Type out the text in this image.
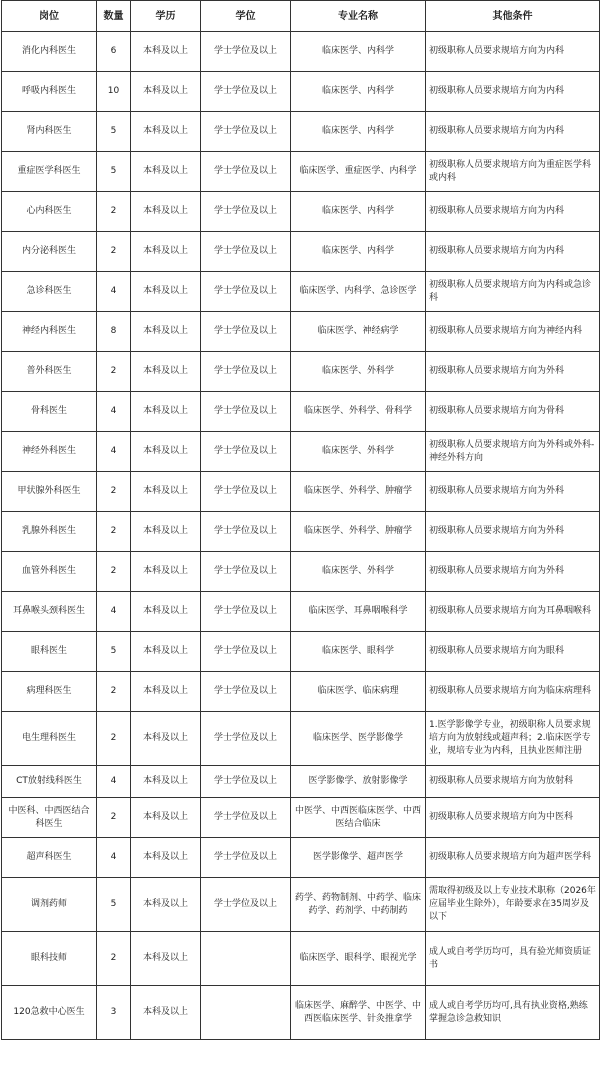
岗位	数量	学历	学位	专业名称	其他条件
消化内科医生	6	本科及以上	学士学位及以上	临床医学、内科学	初级职称人员要求规培方向为内科
呼吸内科医生	10	本科及以上	学士学位及以上	临床医学、内科学	初级职称人员要求规培方向为内科
肾内科医生	5	本科及以上	学士学位及以上	临床医学、内科学	初级职称人员要求规培方向为内科
重症医学科医生	5	本科及以上	学士学位及以上	临床医学、重症医学、内科学	初级职称人员要求规培方向为重症医学科或内科
心内科医生	2	本科及以上	学士学位及以上	临床医学、内科学	初级职称人员要求规培方向为内科
内分泌科医生	2	本科及以上	学士学位及以上	临床医学、内科学	初级职称人员要求规培方向为内科
急诊科医生	4	本科及以上	学士学位及以上	临床医学、内科学、急诊医学	初级职称人员要求规培方向为内科或急诊科
神经内科医生	8	本科及以上	学士学位及以上	临床医学、神经病学	初级职称人员要求规培方向为神经内科
普外科医生	2	本科及以上	学士学位及以上	临床医学、外科学	初级职称人员要求规培方向为外科
骨科医生	4	本科及以上	学士学位及以上	临床医学、外科学、骨科学	初级职称人员要求规培方向为骨科
神经外科医生	4	本科及以上	学士学位及以上	临床医学、外科学	初级职称人员要求规培方向为外科或外科-神经外科方向
甲状腺外科医生	2	本科及以上	学士学位及以上	临床医学、外科学、肿瘤学	初级职称人员要求规培方向为外科
乳腺外科医生	2	本科及以上	学士学位及以上	临床医学、外科学、肿瘤学	初级职称人员要求规培方向为外科
血管外科医生	2	本科及以上	学士学位及以上	临床医学、外科学	初级职称人员要求规培方向为外科
耳鼻喉头颈科医生	4	本科及以上	学士学位及以上	临床医学、耳鼻咽喉科学	初级职称人员要求规培方向为耳鼻咽喉科
眼科医生	5	本科及以上	学士学位及以上	临床医学、眼科学	初级职称人员要求规培方向为眼科
病理科医生	2	本科及以上	学士学位及以上	临床医学、临床病理	初级职称人员要求规培方向为临床病理科
电生理科医生	2	本科及以上	学士学位及以上	临床医学、医学影像学	1.医学影像学专业，初级职称人员要求规培方向为放射线或超声科；2.临床医学专业，规培专业为内科，且执业医师注册
CT放射线科医生	4	本科及以上	学士学位及以上	医学影像学、放射影像学	初级职称人员要求规培方向为放射科
中医科、中西医结合科医生	2	本科及以上	学士学位及以上	中医学、中西医临床医学、中西医结合临床	初级职称人员要求规培方向为中医科
超声科医生	4	本科及以上	学士学位及以上	医学影像学、超声医学	初级职称人员要求规培方向为超声医学科
调剂药师	5	本科及以上	学士学位及以上	药学、药物制剂、中药学、临床药学、药剂学、中药制药	需取得初级及以上专业技术职称（2026年应届毕业生除外），年龄要求在35周岁及以下
眼科技师	2	本科及以上		临床医学、眼科学、眼视光学	成人或自考学历均可，具有验光师资质证书
120急救中心医生	3	本科及以上		临床医学、麻醉学、中医学、中西医临床医学、针灸推拿学	成人或自考学历均可,具有执业资格,熟练掌握急诊急救知识
